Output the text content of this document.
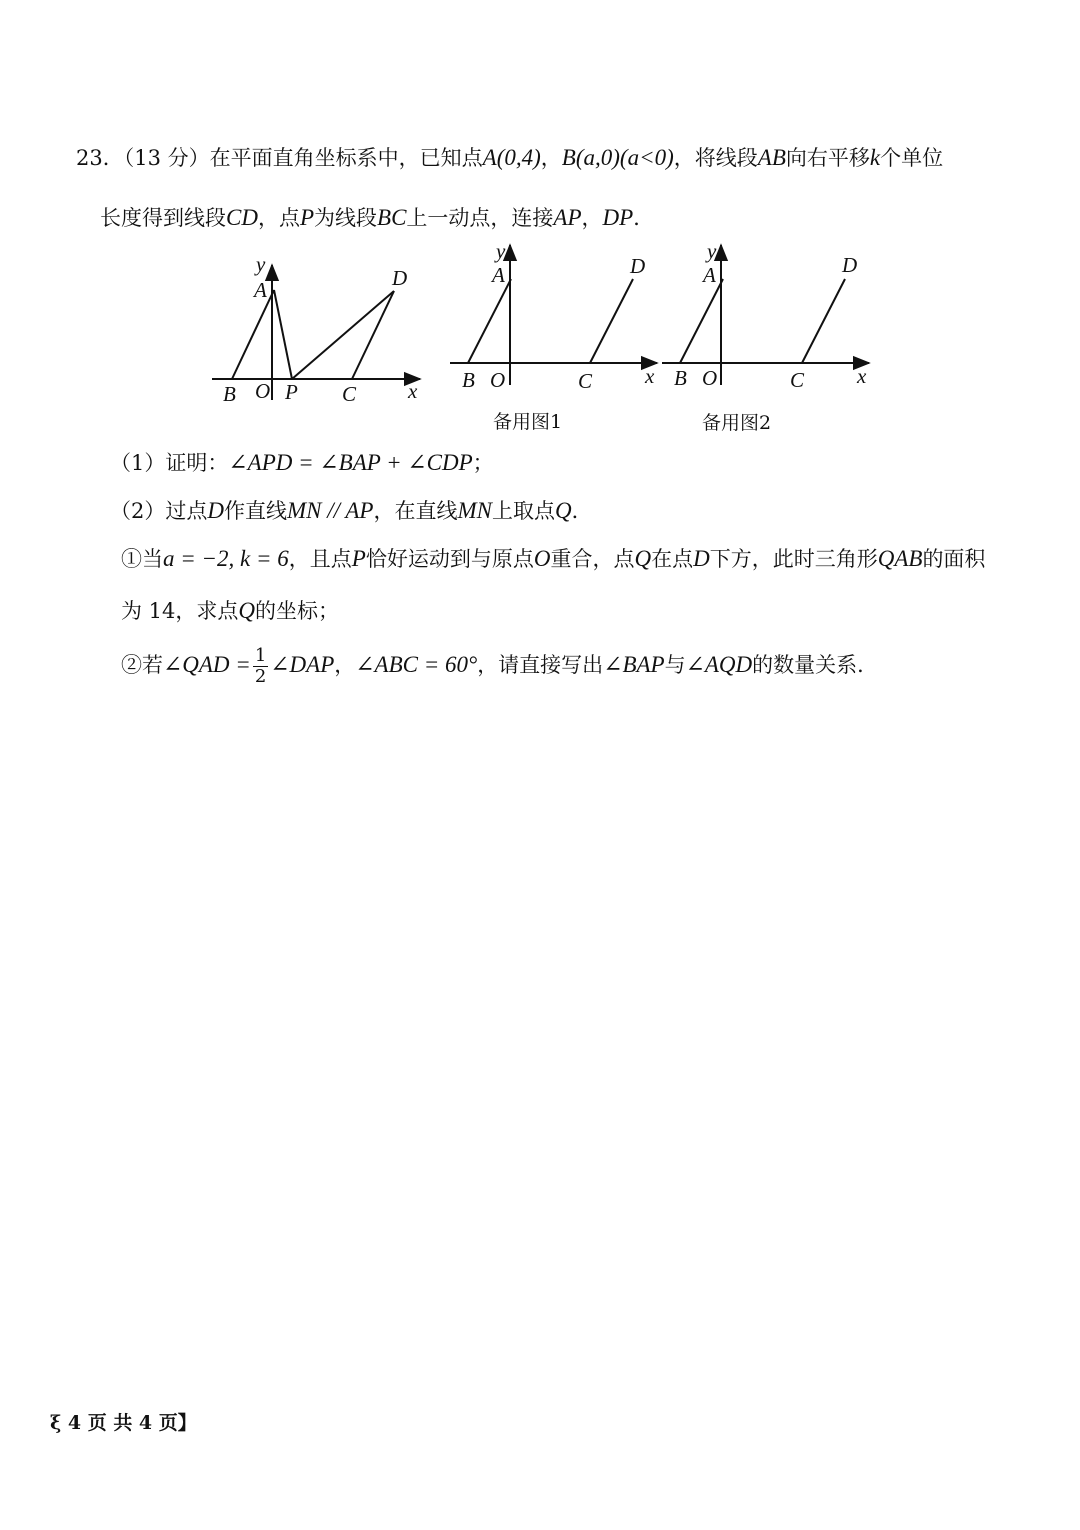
23．（13 分）在平面直角坐标系中，已知点A(0,4)，B(a,0)(a<0)，将线段AB向右平移k个单位
长度得到线段CD，点P为线段BC上一动点，连接AP，DP．
y
A	D
B O P C x
y
A	D
B O	C	x
备用图1
y
A	D
B O	C	x
备用图2
（1）证明：∠APD = ∠BAP + ∠CDP；
（2）过点D作直线MN // AP，在直线MN上取点Q．
①当a = −2, k = 6，且点P恰好运动到与原点O重合，点Q在点D下方，此时三角形QAB的面积
为 14，求点Q的坐标；
②若∠QAD = $\frac{1}{2}$ ∠DAP，∠ABC = 60°，请直接写出∠BAP与∠AQD的数量关系．
ξ 4 页 共 4 页】
